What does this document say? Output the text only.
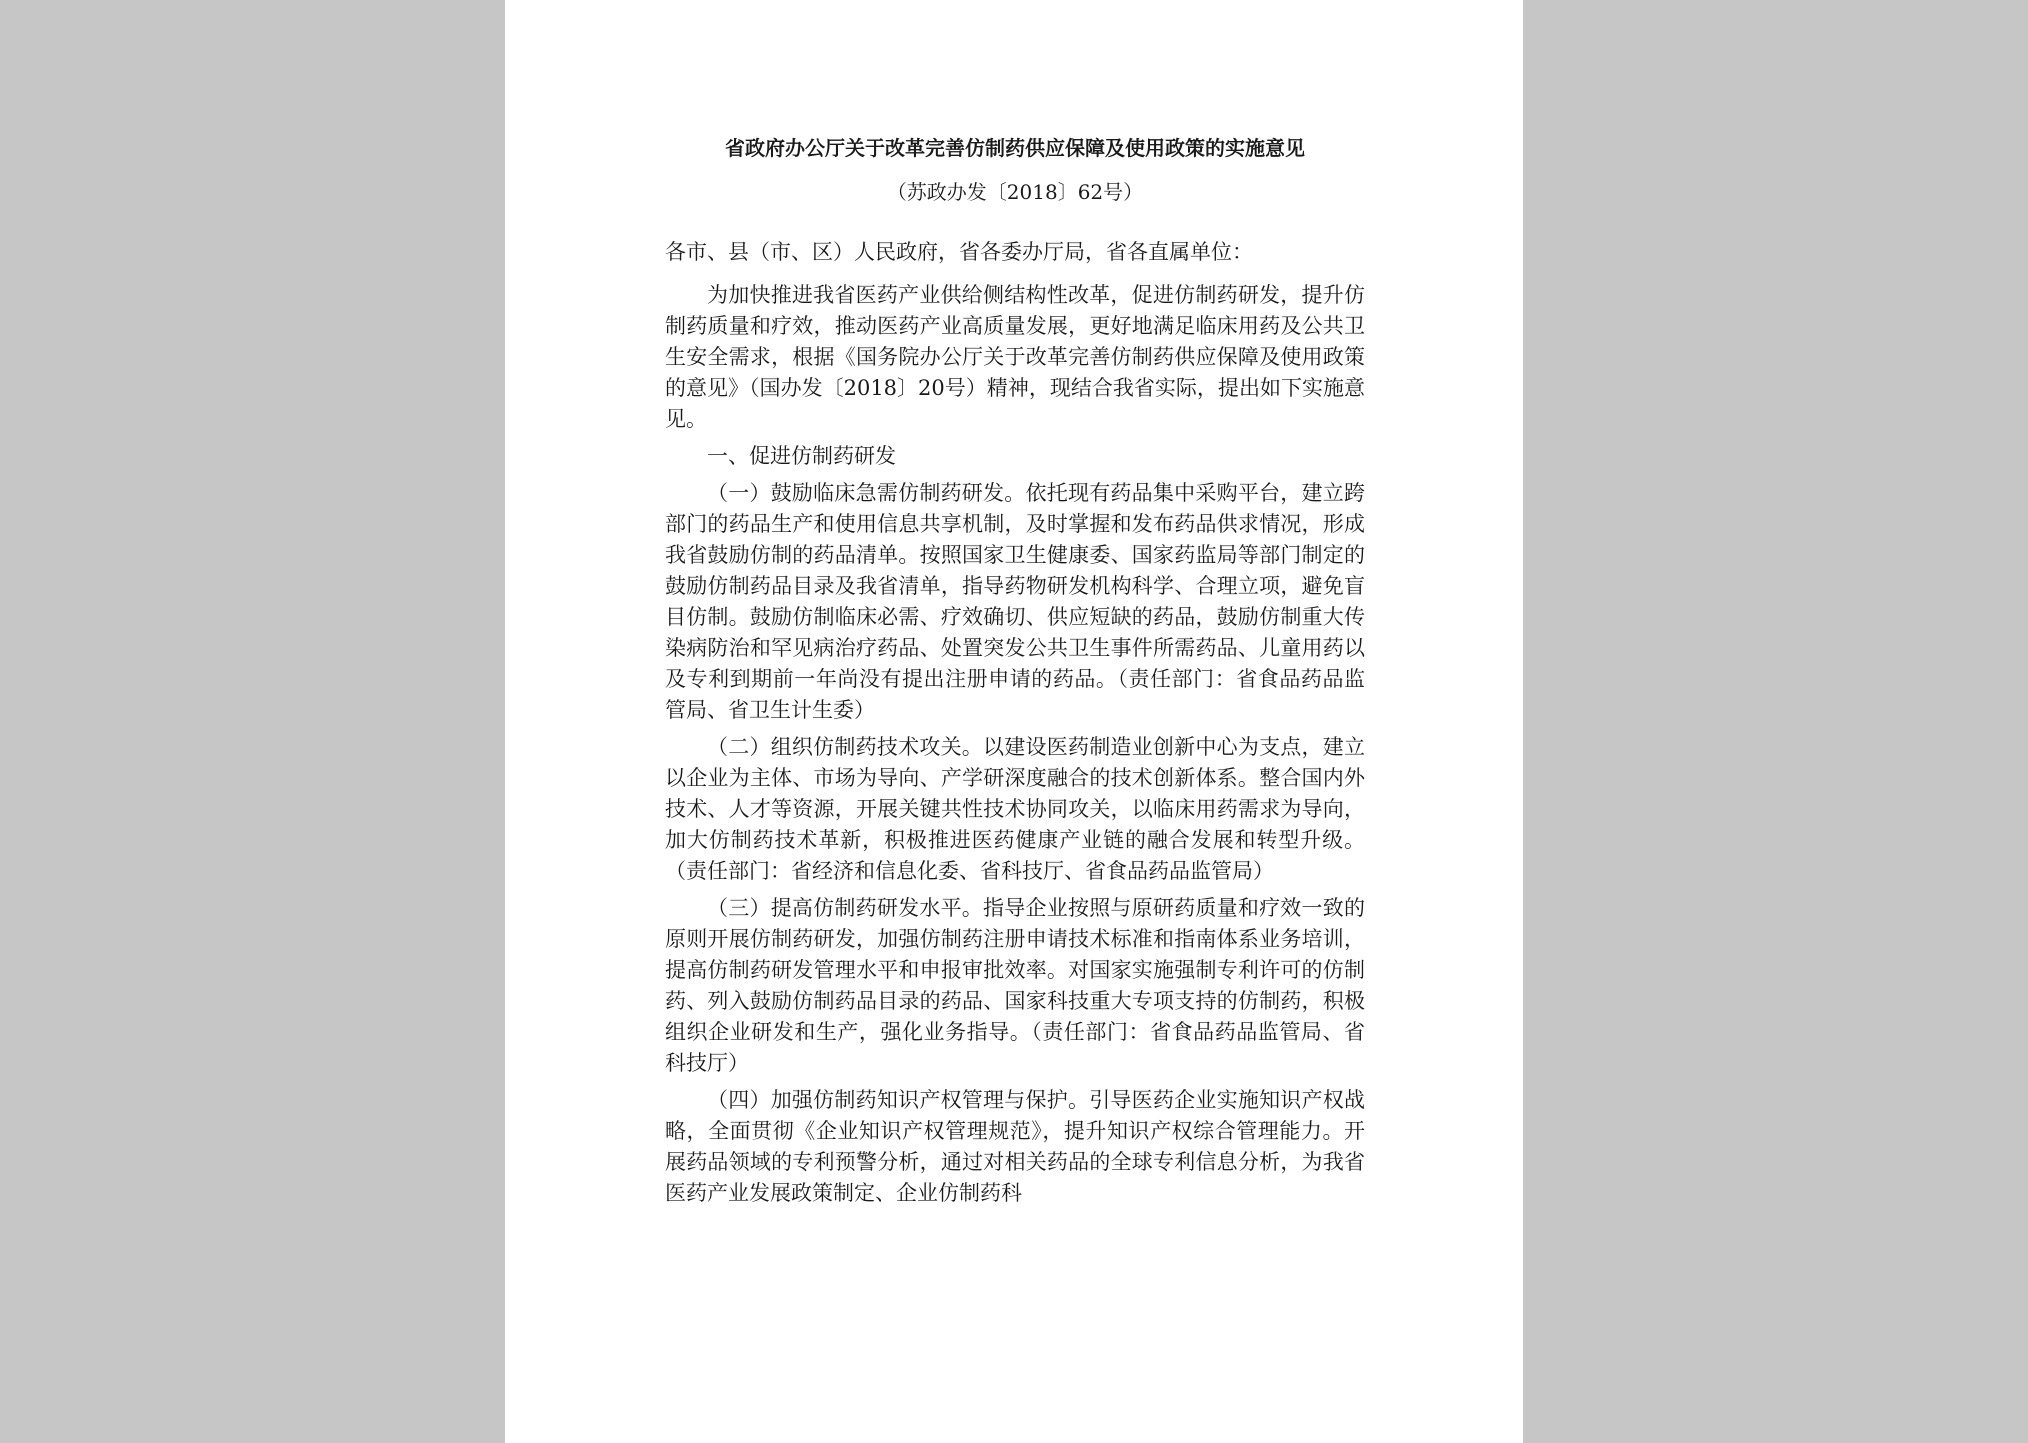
省政府办公厅关于改革完善仿制药供应保障及使用政策的实施意见

（苏政办发〔2018〕62号）

各市、县（市、区）人民政府，省各委办厅局，省各直属单位：

为加快推进我省医药产业供给侧结构性改革，促进仿制药研发，提升仿制药质量和疗效，推动医药产业高质量发展，更好地满足临床用药及公共卫生安全需求，根据《国务院办公厅关于改革完善仿制药供应保障及使用政策的意见》（国办发〔2018〕20号）精神，现结合我省实际，提出如下实施意见。

一、促进仿制药研发

（一）鼓励临床急需仿制药研发。依托现有药品集中采购平台，建立跨部门的药品生产和使用信息共享机制，及时掌握和发布药品供求情况，形成我省鼓励仿制的药品清单。按照国家卫生健康委、国家药监局等部门制定的鼓励仿制药品目录及我省清单，指导药物研发机构科学、合理立项，避免盲目仿制。鼓励仿制临床必需、疗效确切、供应短缺的药品，鼓励仿制重大传染病防治和罕见病治疗药品、处置突发公共卫生事件所需药品、儿童用药以及专利到期前一年尚没有提出注册申请的药品。（责任部门：省食品药品监管局、省卫生计生委）

（二）组织仿制药技术攻关。以建设医药制造业创新中心为支点，建立以企业为主体、市场为导向、产学研深度融合的技术创新体系。整合国内外技术、人才等资源，开展关键共性技术协同攻关，以临床用药需求为导向，加大仿制药技术革新，积极推进医药健康产业链的融合发展和转型升级。（责任部门：省经济和信息化委、省科技厅、省食品药品监管局）

（三）提高仿制药研发水平。指导企业按照与原研药质量和疗效一致的原则开展仿制药研发，加强仿制药注册申请技术标准和指南体系业务培训，提高仿制药研发管理水平和申报审批效率。对国家实施强制专利许可的仿制药、列入鼓励仿制药品目录的药品、国家科技重大专项支持的仿制药，积极组织企业研发和生产，强化业务指导。（责任部门：省食品药品监管局、省科技厅）

（四）加强仿制药知识产权管理与保护。引导医药企业实施知识产权战略，全面贯彻《企业知识产权管理规范》，提升知识产权综合管理能力。开展药品领域的专利预警分析，通过对相关药品的全球专利信息分析，为我省医药产业发展政策制定、企业仿制药科
